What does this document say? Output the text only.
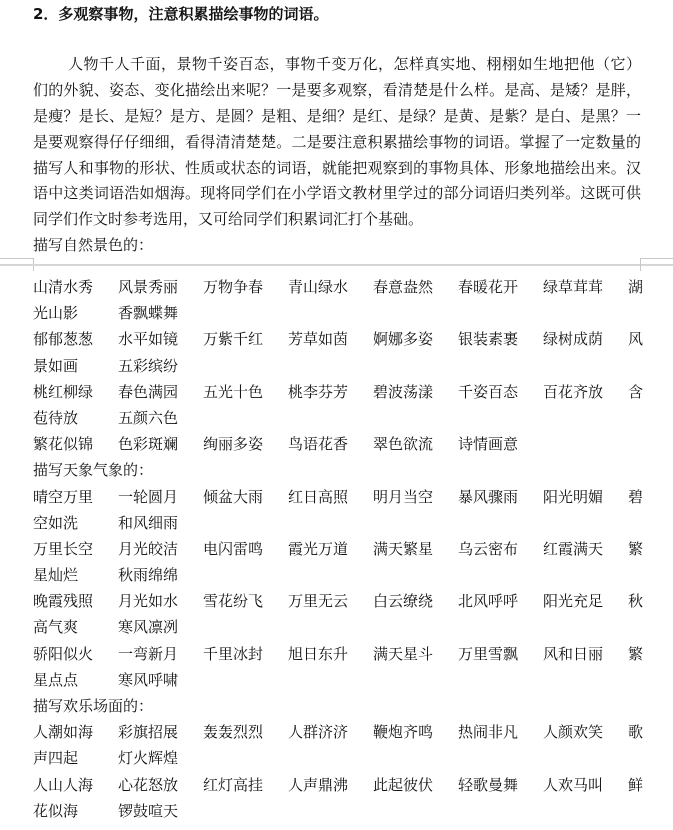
2．多观察事物，注意积累描绘事物的词语。
人物千人千面，景物千姿百态，事物千变万化，怎样真实地、栩栩如生地把他（它）
们的外貌、姿态、变化描绘出来呢？一是要多观察，看清楚是什么样。是高、是矮？是胖，
是瘦？是长、是短？是方、是圆？是粗、是细？是红、是绿？是黄、是紫？是白、是黑？一
是要观察得仔仔细细，看得清清楚楚。二是要注意积累描绘事物的词语。掌握了一定数量的
描写人和事物的形状、性质或状态的词语，就能把观察到的事物具体、形象地描绘出来。汉
语中这类词语浩如烟海。现将同学们在小学语文教材里学过的部分词语归类列举。这既可供
同学们作文时参考选用，又可给同学们积累词汇打个基础。
描写自然景色的：
山清水秀 风景秀丽 万物争春 青山绿水 春意盎然 春暖花开 绿草茸茸 湖
光山影	香飘蝶舞
郁郁葱葱 水平如镜 万紫千红 芳草如茵 婀娜多姿 银装素裹 绿树成荫 风
景如画	五彩缤纷
桃红柳绿 春色满园 五光十色 桃李芬芳 碧波荡漾 千姿百态 百花齐放 含
苞待放	五颜六色
繁花似锦 色彩斑斓 绚丽多姿 鸟语花香 翠色欲流 诗情画意
描写天象气象的：
晴空万里 一轮圆月 倾盆大雨 红日高照 明月当空 暴风骤雨 阳光明媚 碧
空如洗	和风细雨
万里长空 月光皎洁 电闪雷鸣 霞光万道 满天繁星 乌云密布 红霞满天 繁
星灿烂	秋雨绵绵
晚霞残照 月光如水 雪花纷飞 万里无云 白云缭绕 北风呼呼 阳光充足 秋
高气爽	寒风凛冽
骄阳似火 一弯新月 千里冰封 旭日东升 满天星斗 万里雪飘 风和日丽 繁
星点点	寒风呼啸
描写欢乐场面的：
人潮如海 彩旗招展 轰轰烈烈 人群济济 鞭炮齐鸣 热闹非凡 人颜欢笑 歌
声四起	灯火辉煌
人山人海 心花怒放 红灯高挂 人声鼎沸 此起彼伏 轻歌曼舞 人欢马叫 鲜
花似海	锣鼓喧天
